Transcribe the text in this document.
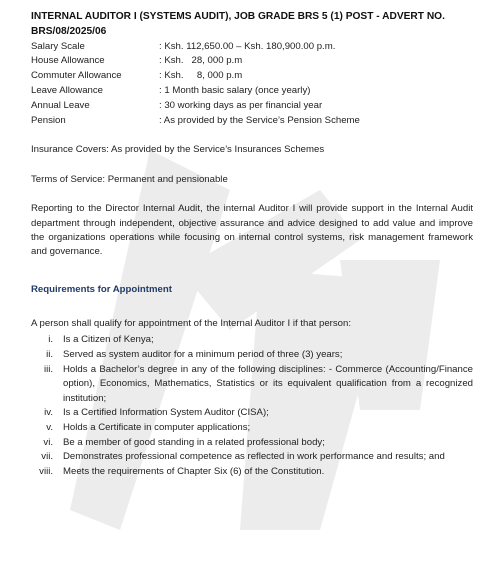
INTERNAL AUDITOR I (SYSTEMS AUDIT), JOB GRADE BRS 5 (1) POST - ADVERT NO. BRS/08/2025/06

Salary Scale	: Ksh. 112,650.00 – Ksh. 180,900.00 p.m.
House Allowance	: Ksh.   28, 000 p.m
Commuter Allowance	: Ksh.     8, 000 p.m
Leave Allowance	: 1 Month basic salary (once yearly)
Annual Leave	: 30 working days as per financial year
Pension	: As provided by the Service’s Pension Scheme

Insurance Covers: As provided by the Service’s Insurances Schemes

Terms of Service: Permanent and pensionable

Reporting to the Director Internal Audit, the internal Auditor I will provide support in the Internal Audit department through independent, objective assurance and advice designed to add value and improve the organizations operations while focusing on internal control systems, risk management framework and governance.

Requirements for Appointment

A person shall qualify for appointment of the Internal Auditor I if that person:

i.	Is a Citizen of Kenya;
ii.	Served as system auditor for a minimum period of three (3) years;
iii.	Holds a Bachelor’s degree in any of the following disciplines: - Commerce (Accounting/Finance option), Economics, Mathematics, Statistics or its equivalent qualification from a recognized institution;
iv.	Is a Certified Information System Auditor (CISA);
v.	Holds a Certificate in computer applications;
vi.	Be a member of good standing in a related professional body;
vii.	Demonstrates professional competence as reflected in work performance and results; and
viii.	Meets the requirements of Chapter Six (6) of the Constitution.
